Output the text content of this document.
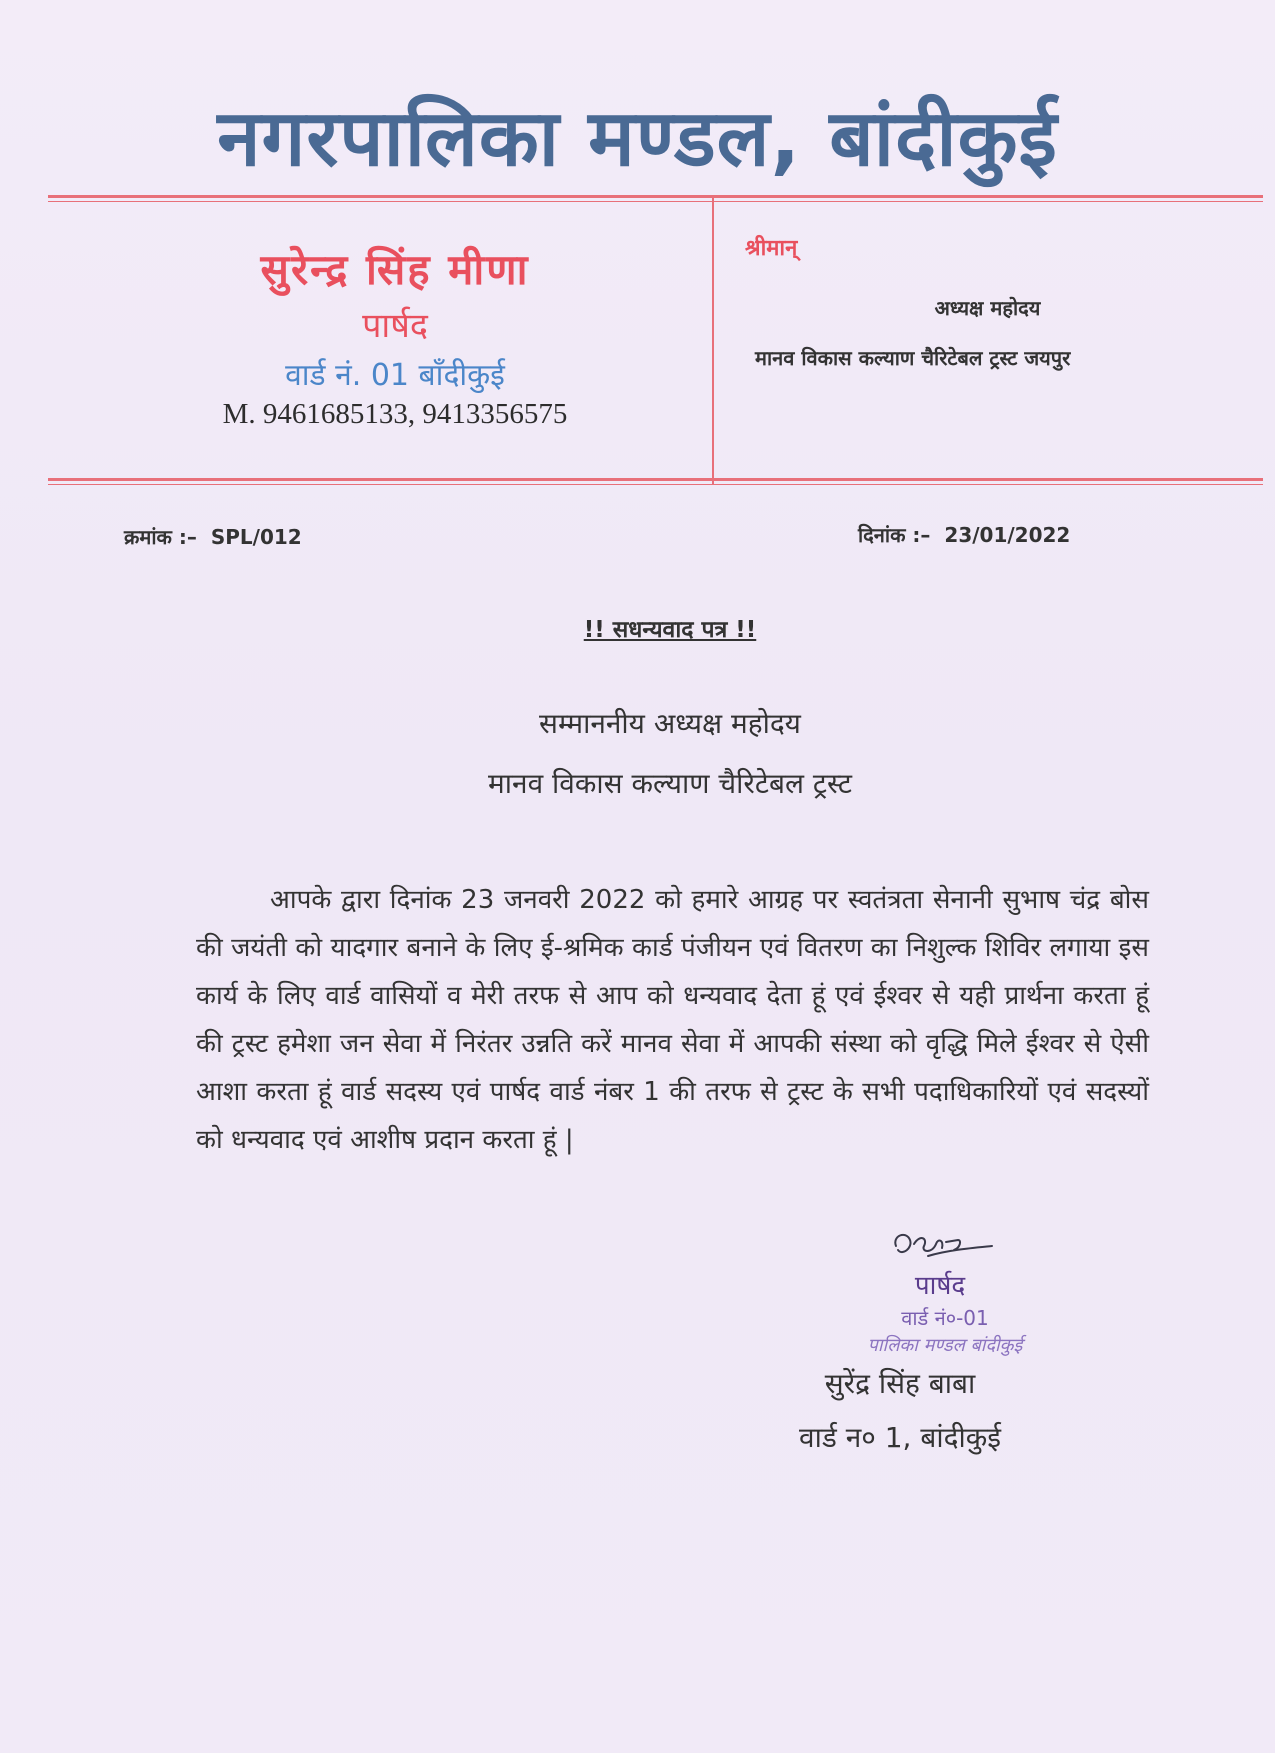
नगरपालिका मण्डल, बांदीकुई
सुरेन्द्र सिंह मीणा
पार्षद
वार्ड नं. 01 बाँदीकुई
M. 9461685133, 9413356575
श्रीमान्
अध्यक्ष महोदय
मानव विकास कल्याण चैरिटेबल ट्रस्ट जयपुर
क्रमांक :– SPL/012	दिनांक :– 23/01/2022
!! सधन्यवाद पत्र !!
सम्माननीय अध्यक्ष महोदय
मानव विकास कल्याण चैरिटेबल ट्रस्ट
आपके द्वारा दिनांक 23 जनवरी 2022 को हमारे आग्रह पर स्वतंत्रता सेनानी सुभाष चंद्र बोस की जयंती को यादगार बनाने के लिए ई-श्रमिक कार्ड पंजीयन एवं वितरण का निशुल्क शिविर लगाया इस कार्य के लिए वार्ड वासियों व मेरी तरफ से आप को धन्यवाद देता हूं एवं ईश्वर से यही प्रार्थना करता हूं की ट्रस्ट हमेशा जन सेवा में निरंतर उन्नति करें मानव सेवा में आपकी संस्था को वृद्धि मिले ईश्वर से ऐसी आशा करता हूं वार्ड सदस्य एवं पार्षद वार्ड नंबर 1 की तरफ से ट्रस्ट के सभी पदाधिकारियों एवं सदस्यों को धन्यवाद एवं आशीष प्रदान करता हूं |
पार्षद
वार्ड नं०-01
पालिका मण्डल बांदीकुई
सुरेंद्र सिंह बाबा
वार्ड न० 1, बांदीकुई
